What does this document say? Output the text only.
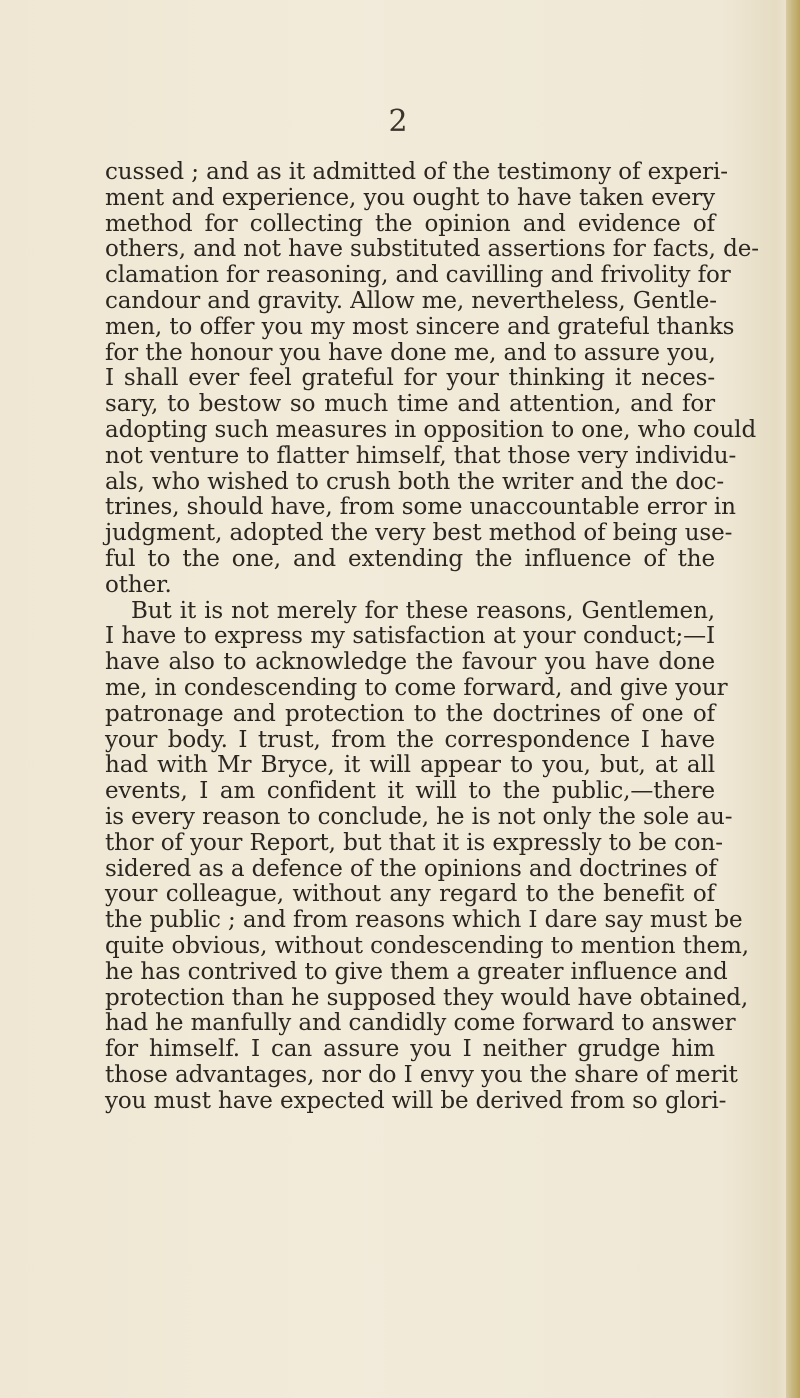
2
cussed ; and as it admitted of the testimony of experi-
ment and experience, you ought to have taken every
method for collecting the opinion and evidence of
others, and not have substituted assertions for facts, de-
clamation for reasoning, and cavilling and frivolity for
candour and gravity. Allow me, nevertheless, Gentle-
men, to offer you my most sincere and grateful thanks
for the honour you have done me, and to assure you,
I shall ever feel grateful for your thinking it neces-
sary, to bestow so much time and attention, and for
adopting such measures in opposition to one, who could
not venture to flatter himself, that those very individu-
als, who wished to crush both the writer and the doc-
trines, should have, from some unaccountable error in
judgment, adopted the very best method of being use-
ful to the one, and extending the influence of the
other.
But it is not merely for these reasons, Gentlemen,
I have to express my satisfaction at your conduct;—I
have also to acknowledge the favour you have done
me, in condescending to come forward, and give your
patronage and protection to the doctrines of one of
your body. I trust, from the correspondence I have
had with Mr Bryce, it will appear to you, but, at all
events, I am confident it will to the public,—there
is every reason to conclude, he is not only the sole au-
thor of your Report, but that it is expressly to be con-
sidered as a defence of the opinions and doctrines of
your colleague, without any regard to the benefit of
the public ; and from reasons which I dare say must be
quite obvious, without condescending to mention them,
he has contrived to give them a greater influence and
protection than he supposed they would have obtained,
had he manfully and candidly come forward to answer
for himself. I can assure you I neither grudge him
those advantages, nor do I envy you the share of merit
you must have expected will be derived from so glori-
